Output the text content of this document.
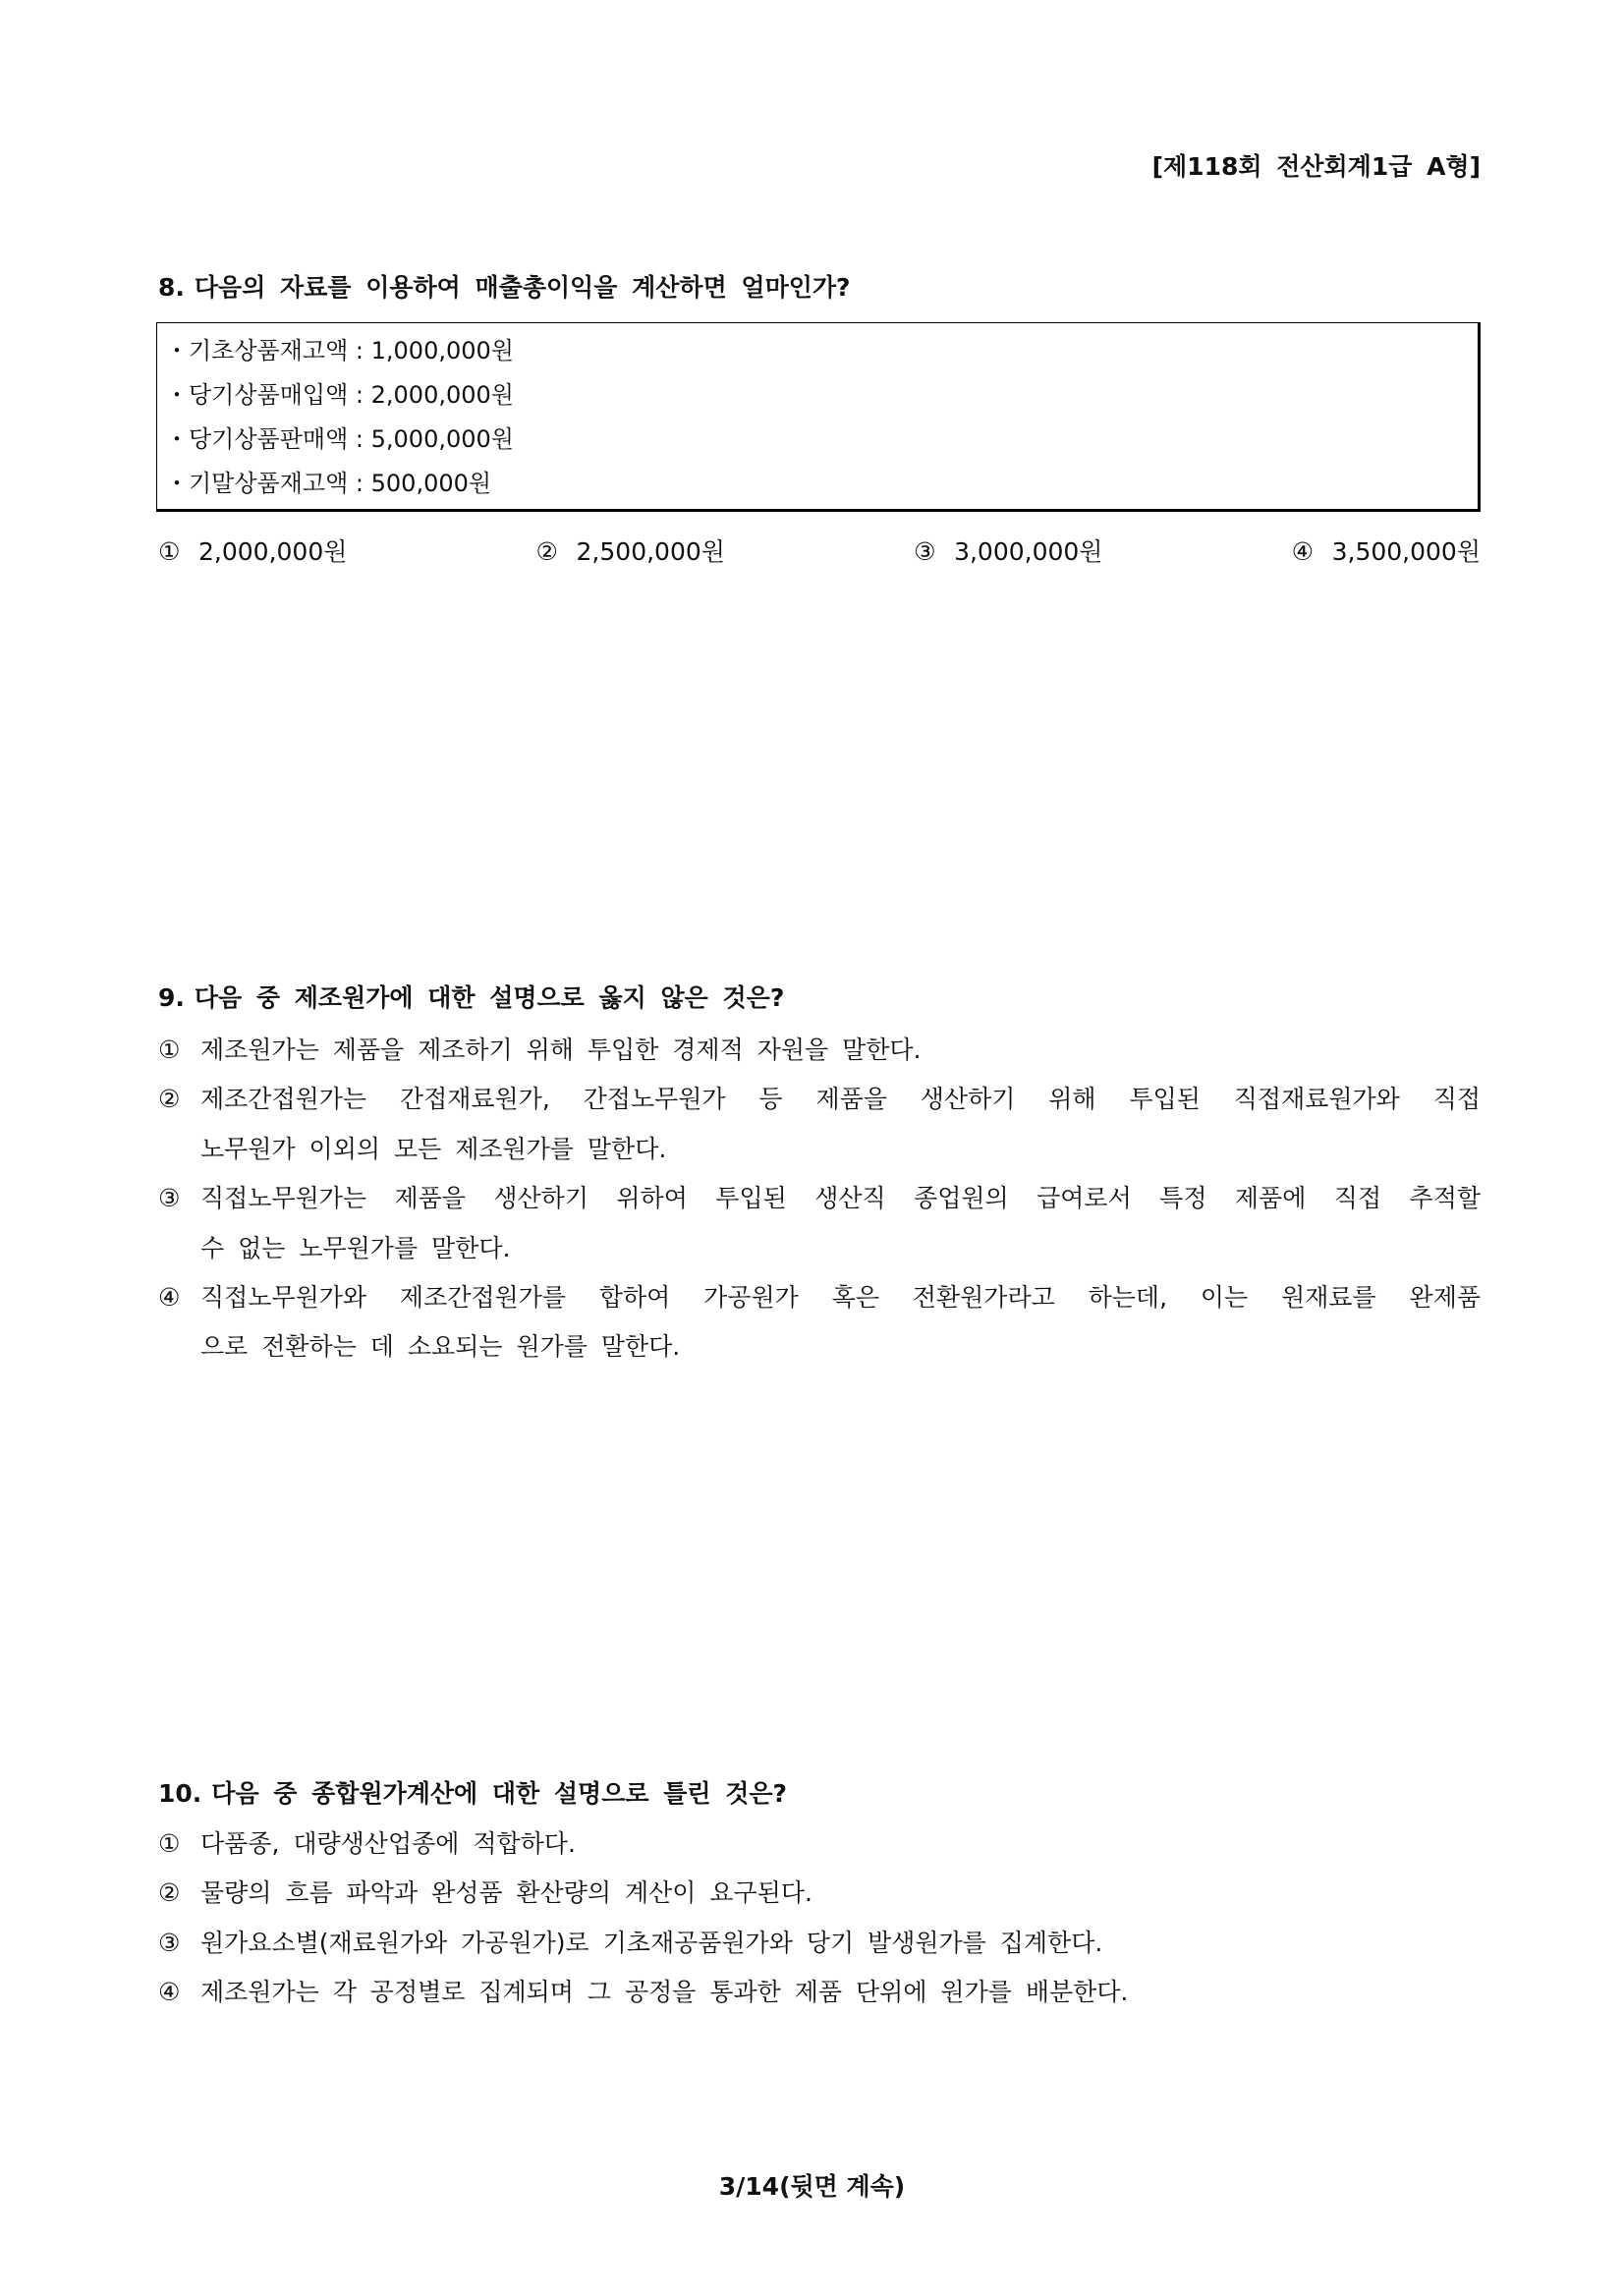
[제118회 전산회계1급 A형]
8. 다음의 자료를 이용하여 매출총이익을 계산하면 얼마인가?
・기초상품재고액 : 1,000,000원
・당기상품매입액 : 2,000,000원
・당기상품판매액 : 5,000,000원
・기말상품재고액 : 500,000원
① 2,000,000원	② 2,500,000원	③ 3,000,000원	④ 3,500,000원
9. 다음 중 제조원가에 대한 설명으로 옳지 않은 것은?
① 제조원가는 제품을 제조하기 위해 투입한 경제적 자원을 말한다.
② 제조간접원가는 간접재료원가, 간접노무원가 등 제품을 생산하기 위해 투입된 직접재료원가와 직접
노무원가 이외의 모든 제조원가를 말한다.
③ 직접노무원가는 제품을 생산하기 위하여 투입된 생산직 종업원의 급여로서 특정 제품에 직접 추적할
수 없는 노무원가를 말한다.
④ 직접노무원가와 제조간접원가를 합하여 가공원가 혹은 전환원가라고 하는데, 이는 원재료를 완제품
으로 전환하는 데 소요되는 원가를 말한다.
10. 다음 중 종합원가계산에 대한 설명으로 틀린 것은?
① 다품종, 대량생산업종에 적합하다.
② 물량의 흐름 파악과 완성품 환산량의 계산이 요구된다.
③ 원가요소별(재료원가와 가공원가)로 기초재공품원가와 당기 발생원가를 집계한다.
④ 제조원가는 각 공정별로 집계되며 그 공정을 통과한 제품 단위에 원가를 배분한다.
3/14(뒷면 계속)
